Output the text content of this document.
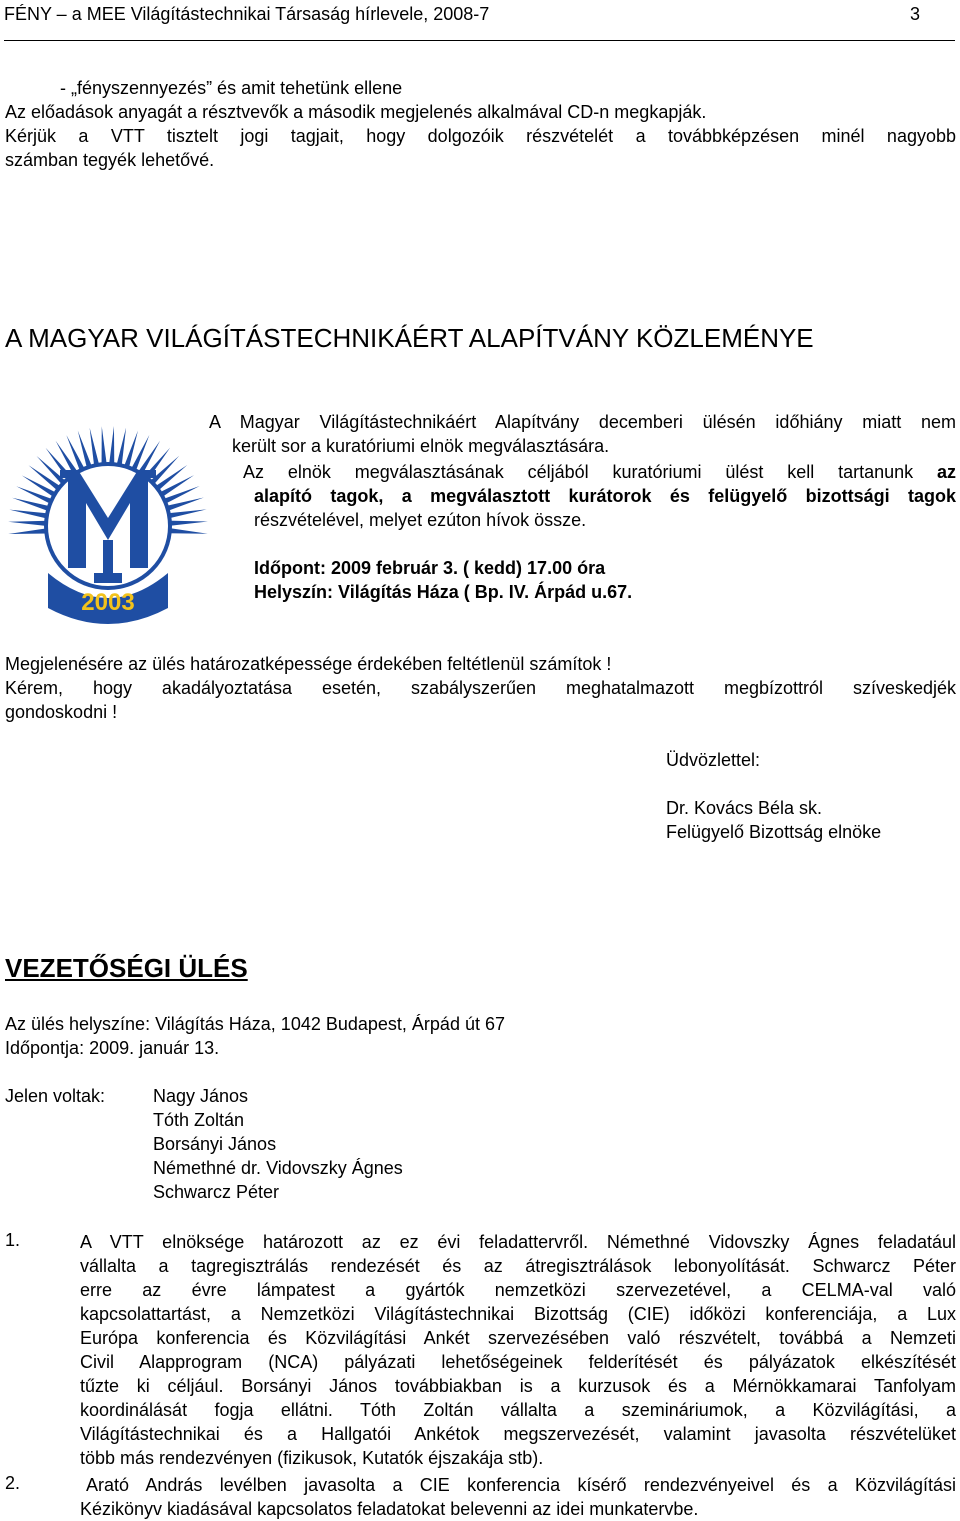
FÉNY – a MEE Világítástechnikai Társaság hírlevele, 2008-7	3
- „fényszennyezés” és amit tehetünk ellene
Az előadások anyagát a résztvevők a második megjelenés alkalmával CD-n megkapják.
Kérjük a VTT tisztelt jogi tagjait, hogy dolgozóik részvételét a továbbképzésen minél nagyobb
számban tegyék lehetővé.
A MAGYAR VILÁGÍTÁSTECHNIKÁÉRT ALAPÍTVÁNY KÖZLEMÉNYE
2003
A Magyar Világítástechnikáért Alapítvány decemberi ülésén időhiány miatt nem
került sor a kuratóriumi elnök megválasztására.
Az elnök megválasztásának céljából kuratóriumi ülést kell tartanunk az
alapító tagok, a megválasztott kurátorok és felügyelő bizottsági tagok
részvételével, melyet ezúton hívok össze.
Időpont: 2009 február 3. ( kedd) 17.00 óra
Helyszín: Világítás Háza ( Bp. IV. Árpád u.67.
Megjelenésére az ülés határozatképessége érdekében feltétlenül számítok !
Kérem, hogy akadályoztatása esetén, szabályszerűen meghatalmazott megbízottról szíveskedjék
gondoskodni !
Üdvözlettel:
Dr. Kovács Béla sk.
Felügyelő Bizottság elnöke
VEZETŐSÉGI ÜLÉS
Az ülés helyszíne: Világítás Háza, 1042 Budapest, Árpád út 67
Időpontja: 2009. január 13.
Jelen voltak:	Nagy János
Tóth Zoltán
Borsányi János
Némethné dr. Vidovszky Ágnes
Schwarcz Péter
1.	A VTT elnöksége határozott az ez évi feladattervről. Némethné Vidovszky Ágnes feladatául
vállalta a tagregisztrálás rendezését és az átregisztrálások lebonyolítását. Schwarcz Péter
erre az évre lámpatest a gyártók nemzetközi szervezetével, a CELMA-val való
kapcsolattartást, a Nemzetközi Világítástechnikai Bizottság (CIE) időközi konferenciája, a Lux
Európa konferencia és Közvilágítási Ankét szervezésében való részvételt, továbbá a Nemzeti
Civil Alapprogram (NCA) pályázati lehetőségeinek felderítését és pályázatok elkészítését
tűzte ki céljául. Borsányi János továbbiakban is a kurzusok és a Mérnökkamarai Tanfolyam
koordinálását fogja ellátni. Tóth Zoltán vállalta a szemináriumok, a Közvilágítási, a
Világítástechnikai és a Hallgatói Ankétok megszervezését, valamint javasolta részvételüket
több más rendezvényen (fizikusok, Kutatók éjszakája stb).
2.	Arató András levélben javasolta a CIE konferencia kísérő rendezvényeivel és a Közvilágítási
Kézikönyv kiadásával kapcsolatos feladatokat belevenni az idei munkatervbe.
